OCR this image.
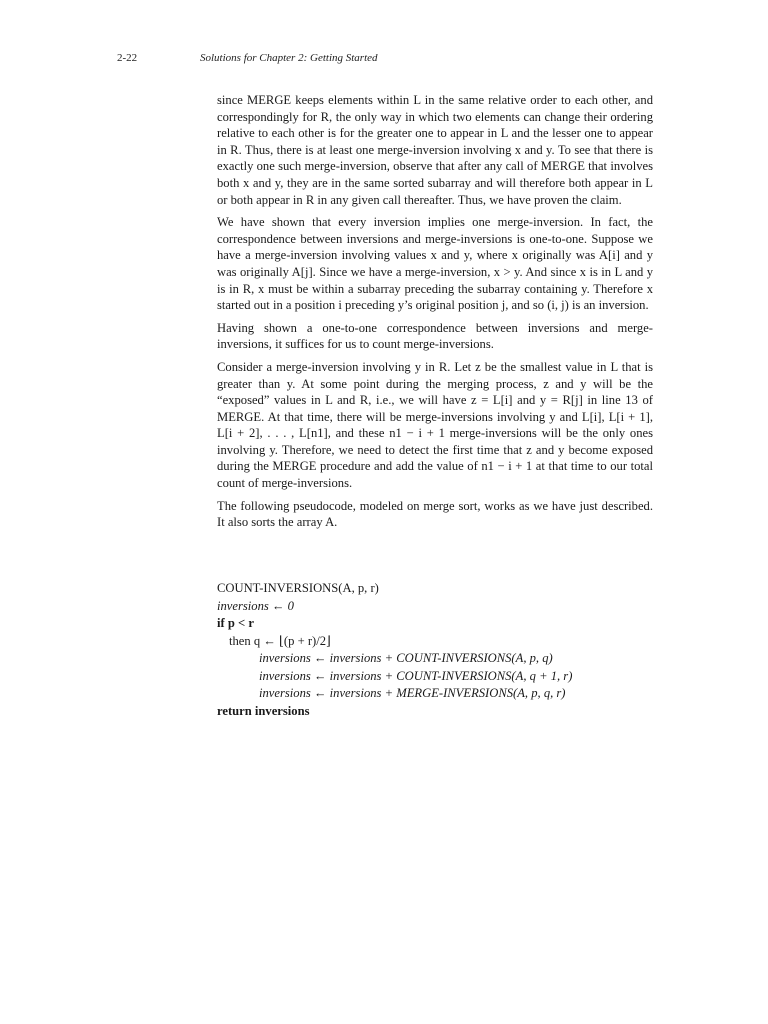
2-22	Solutions for Chapter 2: Getting Started

since MERGE keeps elements within L in the same relative order to each other, and correspondingly for R, the only way in which two elements can change their ordering relative to each other is for the greater one to appear in L and the lesser one to appear in R. Thus, there is at least one merge-inversion involving x and y. To see that there is exactly one such merge-inversion, observe that after any call of MERGE that involves both x and y, they are in the same sorted subarray and will therefore both appear in L or both appear in R in any given call thereafter. Thus, we have proven the claim.

We have shown that every inversion implies one merge-inversion. In fact, the correspondence between inversions and merge-inversions is one-to-one. Suppose we have a merge-inversion involving values x and y, where x originally was A[i] and y was originally A[j]. Since we have a merge-inversion, x > y. And since x is in L and y is in R, x must be within a subarray preceding the subarray containing y. Therefore x started out in a position i preceding y’s original position j, and so (i, j) is an inversion.

Having shown a one-to-one correspondence between inversions and merge-inversions, it suffices for us to count merge-inversions.

Consider a merge-inversion involving y in R. Let z be the smallest value in L that is greater than y. At some point during the merging process, z and y will be the “exposed” values in L and R, i.e., we will have z = L[i] and y = R[j] in line 13 of MERGE. At that time, there will be merge-inversions involving y and L[i], L[i + 1], L[i + 2], . . . , L[n1], and these n1 − i + 1 merge-inversions will be the only ones involving y. Therefore, we need to detect the first time that z and y become exposed during the MERGE procedure and add the value of n1 − i + 1 at that time to our total count of merge-inversions.

The following pseudocode, modeled on merge sort, works as we have just described. It also sorts the array A.

COUNT-INVERSIONS(A, p, r)
inversions ← 0
if p < r
then q ← ⌊(p + r)/2⌋
inversions ← inversions + COUNT-INVERSIONS(A, p, q)
inversions ← inversions + COUNT-INVERSIONS(A, q + 1, r)
inversions ← inversions + MERGE-INVERSIONS(A, p, q, r)
return inversions
